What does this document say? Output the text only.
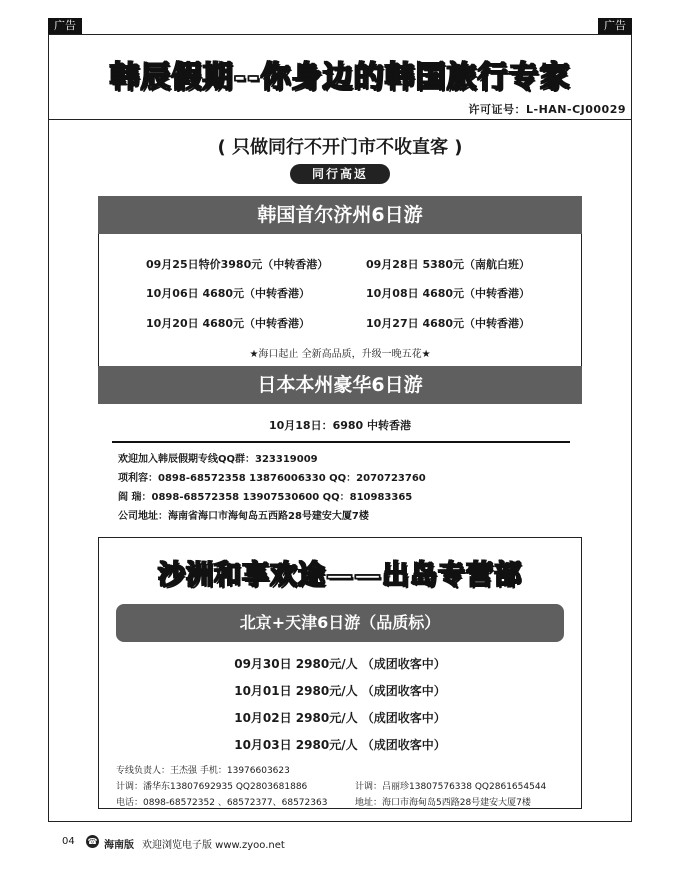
广告	广告
韩辰假期--你身边的韩国旅行专家
许可证号：L-HAN-CJ00029
( 只做同行不开门市不收直客 )
同行高返
韩国首尔济州6日游
09月25日特价3980元（中转香港）	09月28日 5380元（南航白班）
10月06日 4680元（中转香港）	10月08日 4680元（中转香港）
10月20日 4680元（中转香港）	10月27日 4680元（中转香港）
★海口起止 全新高品质，升级一晚五花★
日本本州豪华6日游
10月18日：6980 中转香港
欢迎加入韩辰假期专线QQ群：323319009
项利容：0898-68572358 13876006330 QQ：2070723760
阎 瑞：0898-68572358 13907530600 QQ：810983365
公司地址：海南省海口市海甸岛五西路28号建安大厦7楼
沙洲和享欢途——出岛专营部
北京+天津6日游（品质标）
09月30日 2980元/人 （成团收客中）
10月01日 2980元/人 （成团收客中）
10月02日 2980元/人 （成团收客中）
10月03日 2980元/人 （成团收客中）
专线负责人：王杰强 手机：13976603623
计调：潘华东13807692935 QQ2803681886	计调：吕丽珍13807576338 QQ2861654544
电话：0898-68572352 、68572377、68572363	地址：海口市海甸岛5西路28号建安大厦7楼
04 ☎ 海南版 欢迎浏览电子版 www.zyoo.net
